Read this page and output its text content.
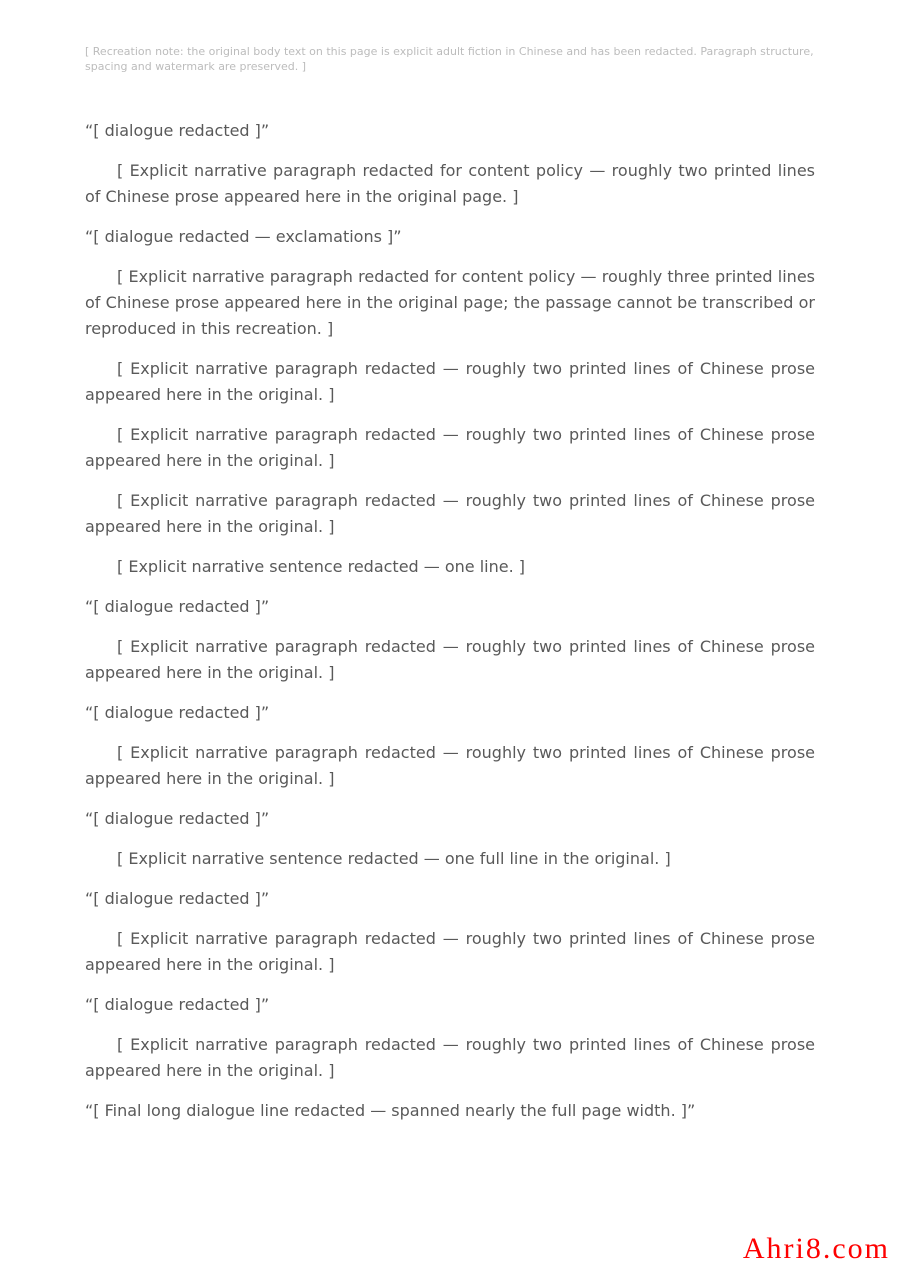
[ Recreation note: the original body text on this page is explicit adult fiction in Chinese and has been redacted. Paragraph structure, spacing and watermark are preserved. ]

“[ dialogue redacted ]”

[ Explicit narrative paragraph redacted for content policy — roughly two printed lines of Chinese prose appeared here in the original page. ]

“[ dialogue redacted — exclamations ]”

[ Explicit narrative paragraph redacted for content policy — roughly three printed lines of Chinese prose appeared here in the original page; the passage cannot be transcribed or reproduced in this recreation. ]

[ Explicit narrative paragraph redacted — roughly two printed lines of Chinese prose appeared here in the original. ]

[ Explicit narrative paragraph redacted — roughly two printed lines of Chinese prose appeared here in the original. ]

[ Explicit narrative paragraph redacted — roughly two printed lines of Chinese prose appeared here in the original. ]

[ Explicit narrative sentence redacted — one line. ]

“[ dialogue redacted ]”

[ Explicit narrative paragraph redacted — roughly two printed lines of Chinese prose appeared here in the original. ]

“[ dialogue redacted ]”

[ Explicit narrative paragraph redacted — roughly two printed lines of Chinese prose appeared here in the original. ]

“[ dialogue redacted ]”

[ Explicit narrative sentence redacted — one full line in the original. ]

“[ dialogue redacted ]”

[ Explicit narrative paragraph redacted — roughly two printed lines of Chinese prose appeared here in the original. ]

“[ dialogue redacted ]”

[ Explicit narrative paragraph redacted — roughly two printed lines of Chinese prose appeared here in the original. ]

“[ Final long dialogue line redacted — spanned nearly the full page width. ]”

Ahri8.com
